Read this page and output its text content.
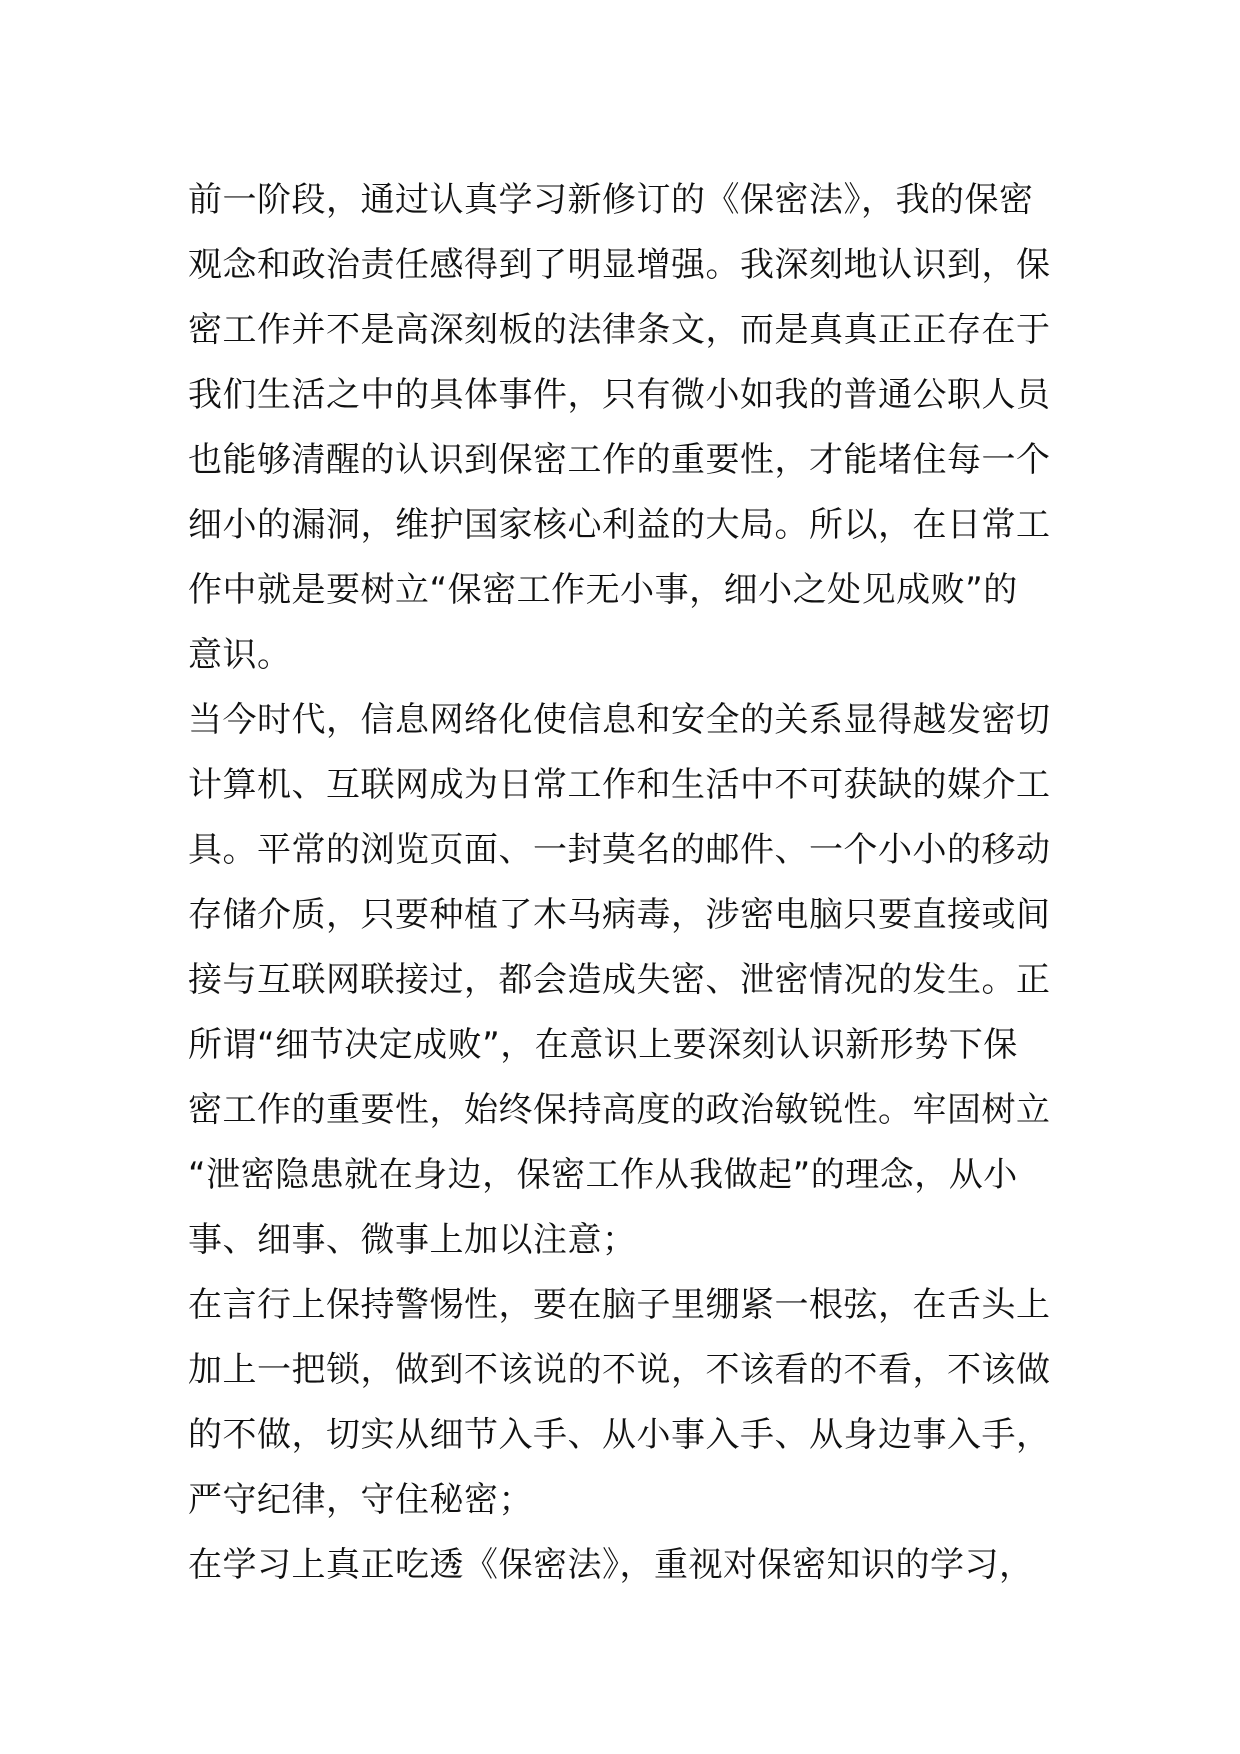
前一阶段，通过认真学习新修订的《保密法》，我的保密
观念和政治责任感得到了明显增强。我深刻地认识到，保
密工作并不是高深刻板的法律条文，而是真真正正存在于
我们生活之中的具体事件，只有微小如我的普通公职人员
也能够清醒的认识到保密工作的重要性，才能堵住每一个
细小的漏洞，维护国家核心利益的大局。所以，在日常工
作中就是要树立“保密工作无小事，细小之处见成败”的
意识。
当今时代，信息网络化使信息和安全的关系显得越发密切
计算机、互联网成为日常工作和生活中不可获缺的媒介工
具。平常的浏览页面、一封莫名的邮件、一个小小的移动
存储介质，只要种植了木马病毒，涉密电脑只要直接或间
接与互联网联接过，都会造成失密、泄密情况的发生。正
所谓“细节决定成败”，在意识上要深刻认识新形势下保
密工作的重要性，始终保持高度的政治敏锐性。牢固树立
“泄密隐患就在身边，保密工作从我做起”的理念，从小
事、细事、微事上加以注意；
在言行上保持警惕性，要在脑子里绷紧一根弦，在舌头上
加上一把锁，做到不该说的不说，不该看的不看，不该做
的不做，切实从细节入手、从小事入手、从身边事入手，
严守纪律，守住秘密；
在学习上真正吃透《保密法》，重视对保密知识的学习，
